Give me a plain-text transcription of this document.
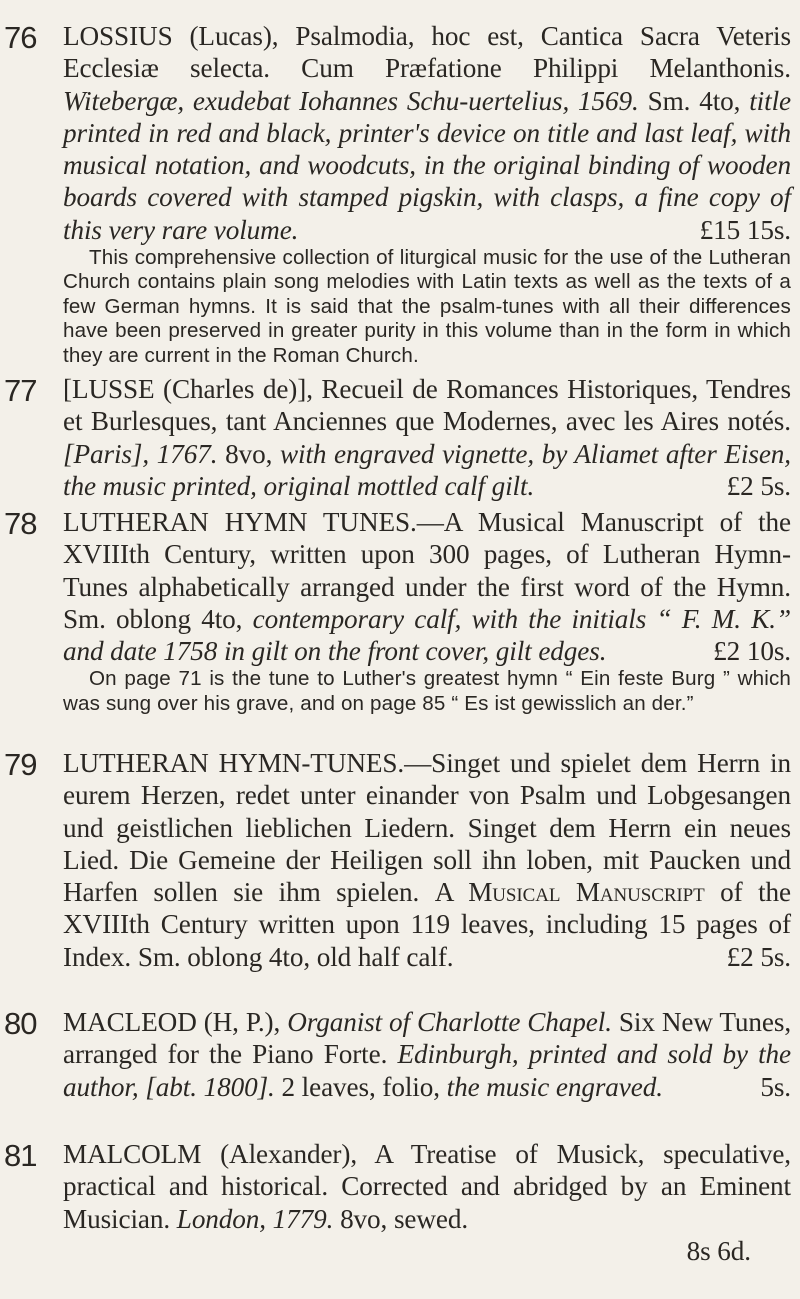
76 LOSSIUS (Lucas), Psalmodia, hoc est, Cantica Sacra Veteris Ecclesiæ selecta. Cum Præfatione Philippi Melanthonis. Witebergæ, exudebat Iohannes Schu-uertelius, 1569. Sm. 4to, title printed in red and black, printer's device on title and last leaf, with musical notation, and woodcuts, in the original binding of wooden boards covered with stamped pigskin, with clasps, a fine copy of this very rare volume.	£15 15s.
This comprehensive collection of liturgical music for the use of the Lutheran Church contains plain song melodies with Latin texts as well as the texts of a few German hymns. It is said that the psalm-tunes with all their differences have been preserved in greater purity in this volume than in the form in which they are current in the Roman Church.
77 [LUSSE (Charles de)], Recueil de Romances Historiques, Tendres et Burlesques, tant Anciennes que Modernes, avec les Aires notés. [Paris], 1767. 8vo, with engraved vignette, by Aliamet after Eisen, the music printed, original mottled calf gilt.	£2 5s.
78 LUTHERAN HYMN TUNES.—A Musical Manuscript of the XVIIIth Century, written upon 300 pages, of Lutheran Hymn-Tunes alphabetically arranged under the first word of the Hymn. Sm. oblong 4to, contemporary calf, with the initials “ F. M. K.” and date 1758 in gilt on the front cover, gilt edges.	£2 10s.
On page 71 is the tune to Luther's greatest hymn “ Ein feste Burg ” which was sung over his grave, and on page 85 “ Es ist gewisslich an der.”
79 LUTHERAN HYMN-TUNES.—Singet und spielet dem Herrn in eurem Herzen, redet unter einander von Psalm und Lobgesangen und geistlichen lieblichen Liedern. Singet dem Herrn ein neues Lied. Die Gemeine der Heiligen soll ihn loben, mit Paucken und Harfen sollen sie ihm spielen. A Musical Manuscript of the XVIIIth Century written upon 119 leaves, including 15 pages of Index. Sm. oblong 4to, old half calf.	£2 5s.
80 MACLEOD (H, P.), Organist of Charlotte Chapel. Six New Tunes, arranged for the Piano Forte. Edinburgh, printed and sold by the author, [abt. 1800]. 2 leaves, folio, the music engraved.	5s.
81 MALCOLM (Alexander), A Treatise of Musick, speculative, practical and historical. Corrected and abridged by an Eminent Musician. London, 1779. 8vo, sewed.
8s 6d.
